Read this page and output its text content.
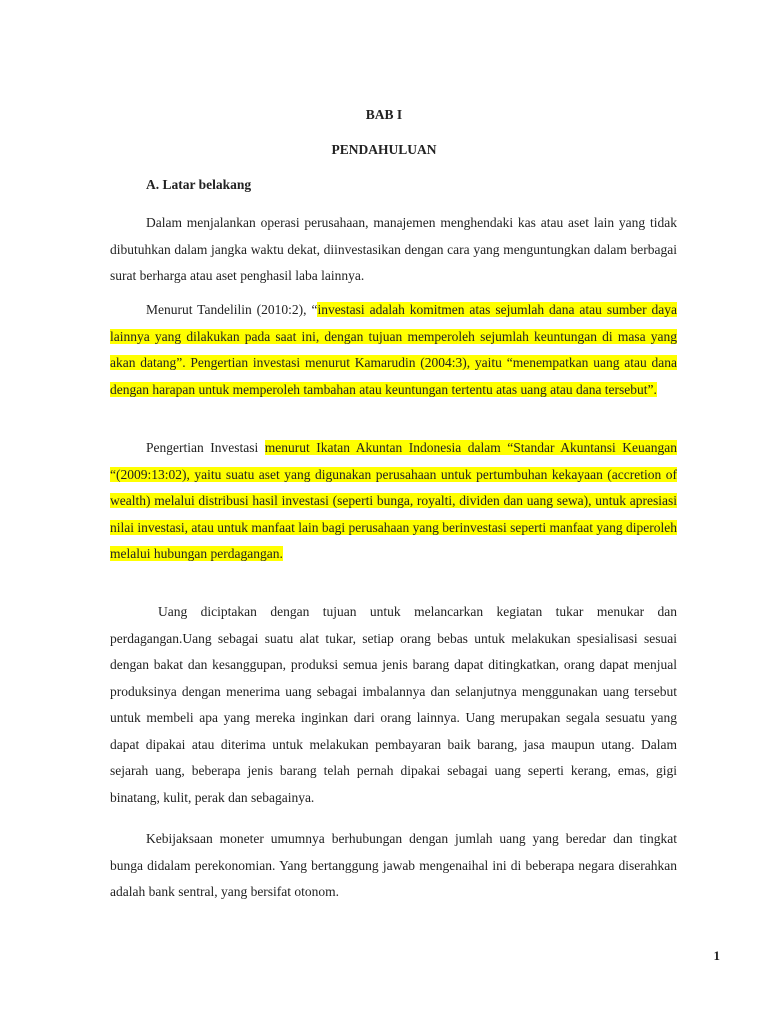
BAB I

PENDAHULUAN

A. Latar belakang

Dalam menjalankan operasi perusahaan, manajemen menghendaki kas atau aset lain yang tidak dibutuhkan dalam jangka waktu dekat, diinvestasikan dengan cara yang menguntungkan dalam berbagai surat berharga atau aset penghasil laba lainnya.

Menurut Tandelilin (2010:2), “investasi adalah komitmen atas sejumlah dana atau sumber daya lainnya yang dilakukan pada saat ini, dengan tujuan memperoleh sejumlah keuntungan di masa yang akan datang”. Pengertian investasi menurut Kamarudin (2004:3), yaitu “menempatkan uang atau dana dengan harapan untuk memperoleh tambahan atau keuntungan tertentu atas uang atau dana tersebut”.

Pengertian Investasi menurut Ikatan Akuntan Indonesia dalam “Standar Akuntansi Keuangan “(2009:13:02), yaitu suatu aset yang digunakan perusahaan untuk pertumbuhan kekayaan (accretion of wealth) melalui distribusi hasil investasi (seperti bunga, royalti, dividen dan uang sewa), untuk apresiasi nilai investasi, atau untuk manfaat lain bagi perusahaan yang berinvestasi seperti manfaat yang diperoleh melalui hubungan perdagangan.

Uang diciptakan dengan tujuan untuk melancarkan kegiatan tukar menukar dan perdagangan.Uang sebagai suatu alat tukar, setiap orang bebas untuk melakukan spesialisasi sesuai dengan bakat dan kesanggupan, produksi semua jenis barang dapat ditingkatkan, orang dapat menjual produksinya dengan menerima uang sebagai imbalannya dan selanjutnya menggunakan uang tersebut untuk membeli apa yang mereka inginkan dari orang lainnya. Uang merupakan segala sesuatu yang dapat dipakai atau diterima untuk melakukan pembayaran baik barang, jasa maupun utang. Dalam sejarah uang, beberapa jenis barang telah pernah dipakai sebagai uang seperti kerang, emas, gigi binatang, kulit, perak dan sebagainya.

Kebijaksaan moneter umumnya berhubungan dengan jumlah uang yang beredar dan tingkat bunga didalam perekonomian. Yang bertanggung jawab mengenaihal ini di beberapa negara diserahkan adalah bank sentral, yang bersifat otonom.

1
